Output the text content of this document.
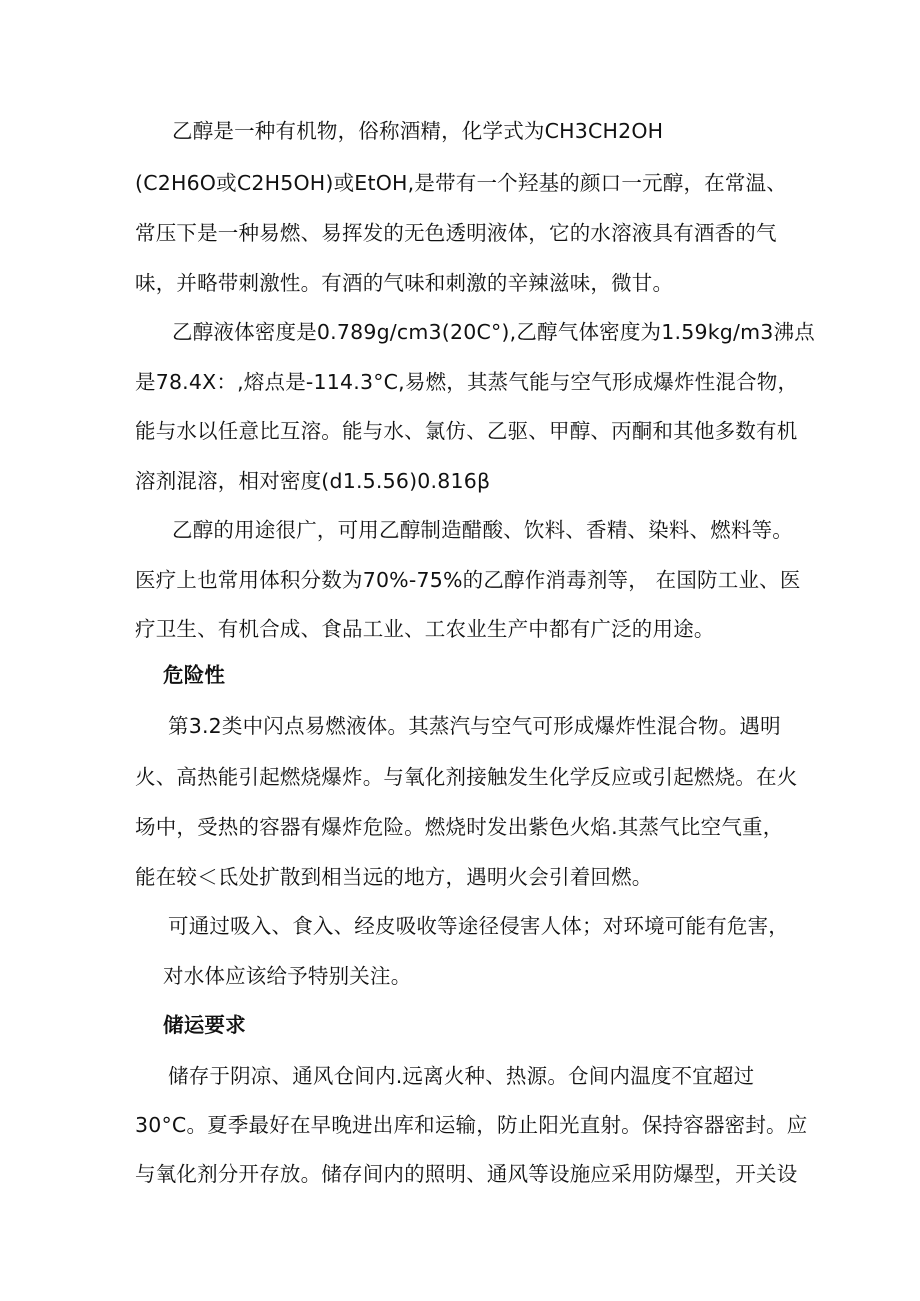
乙醇是一种有机物，俗称酒精，化学式为CH3CH2OH
(C2H6O或C2H5OH)或EtOH,是带有一个羟基的颜口一元醇，在常温、
常压下是一种易燃、易挥发的无色透明液体，它的水溶液具有酒香的气
味，并略带刺激性。有酒的气味和刺激的辛辣滋味，微甘。
乙醇液体密度是0.789g∕cm3(20C°),乙醇气体密度为1.59kg∕m3沸点
是78.4X：,熔点是-114.3°C,易燃，其蒸气能与空气形成爆炸性混合物，
能与水以任意比互溶。能与水、氯仿、乙驱、甲醇、丙酮和其他多数有机
溶剂混溶，相对密度(d1.5.56)0.816β
乙醇的用途很广，可用乙醇制造醋酸、饮料、香精、染料、燃料等。
医疗上也常用体积分数为70%-75%的乙醇作消毒剂等， 在国防工业、医
疗卫生、有机合成、食品工业、工农业生产中都有广泛的用途。
危险性
第3.2类中闪点易燃液体。其蒸汽与空气可形成爆炸性混合物。遇明
火、高热能引起燃烧爆炸。与氧化剂接触发生化学反应或引起燃烧。在火
场中，受热的容器有爆炸危险。燃烧时发出紫色火焰.其蒸气比空气重，
能在较＜氐处扩散到相当远的地方，遇明火会引着回燃。
可通过吸入、食入、经皮吸收等途径侵害人体；对环境可能有危害，
对水体应该给予特别关注。
储运要求
储存于阴凉、通风仓间内.远离火种、热源。仓间内温度不宜超过
30°C。夏季最好在早晚进出库和运输，防止阳光直射。保持容器密封。应
与氧化剂分开存放。储存间内的照明、通风等设施应采用防爆型，开关设
